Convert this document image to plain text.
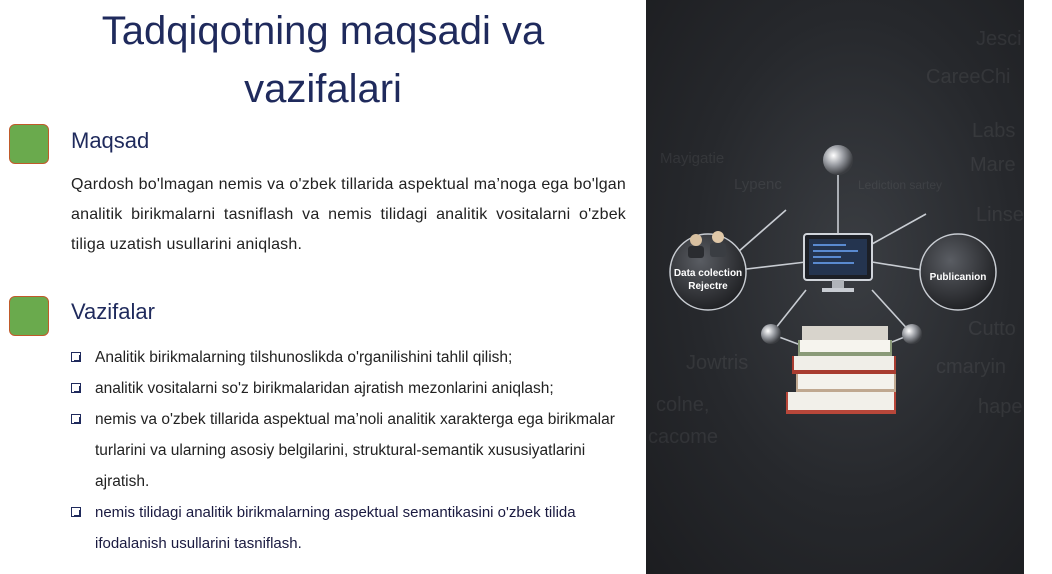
Tadqiqotning maqsadi va
vazifalari
Maqsad
Qardosh bo'lmagan nemis va o'zbek tillarida aspektual ma’noga ega bo'lgan analitik birikmalarni tasniflash va nemis tilidagi analitik vositalarni o'zbek tiliga uzatish usullarini aniqlash.
Vazifalar
Analitik birikmalarning tilshunoslikda o'rganilishini tahlil qilish;
analitik vositalarni so'z birikmalaridan ajratish mezonlarini aniqlash;
nemis va o'zbek tillarida aspektual ma’noli analitik xarakterga ega birikmalar turlarini va ularning asosiy belgilarini, struktural-semantik xususiyatlarini ajratish.
nemis tilidagi analitik birikmalarning aspektual semantikasini o'zbek tilida ifodalanish usullarini tasniflash.
Jesci
CareeChi
Labs
Mare
Linseme
Cutto
cmaryin
hape
Lediction sartey
Lypenc
Mayigatie
Jowtris
colne,
cacome
Data colection
Rejectre
Publicanion
